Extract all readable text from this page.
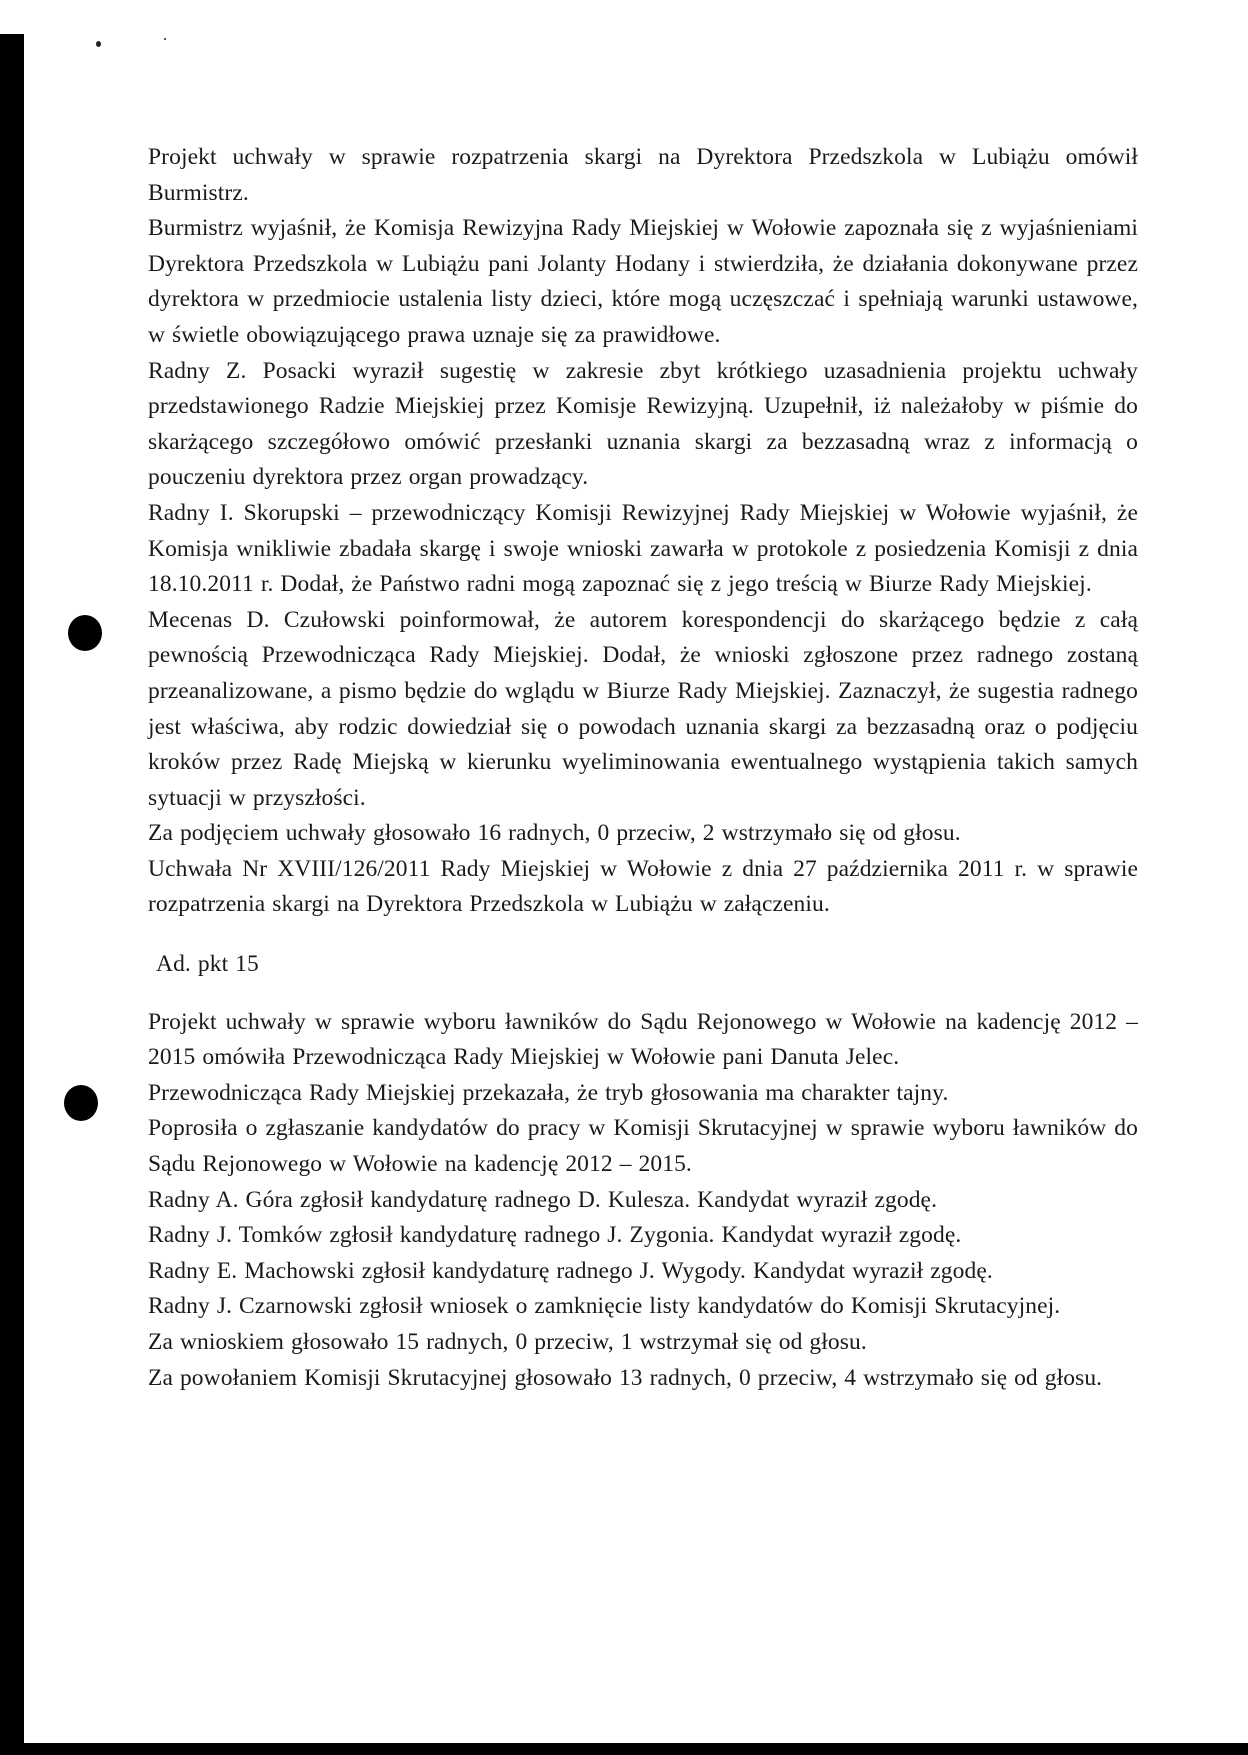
Projekt uchwały w sprawie rozpatrzenia skargi na Dyrektora Przedszkola w Lubiążu omówił Burmistrz.

Burmistrz wyjaśnił, że Komisja Rewizyjna Rady Miejskiej w Wołowie zapoznała się z wyjaśnieniami Dyrektora Przedszkola w Lubiążu pani Jolanty Hodany i stwierdziła, że działania dokonywane przez dyrektora w przedmiocie ustalenia listy dzieci, które mogą uczęszczać i spełniają warunki ustawowe, w świetle obowiązującego prawa uznaje się za prawidłowe.

Radny Z. Posacki wyraził sugestię w zakresie zbyt krótkiego uzasadnienia projektu uchwały przedstawionego Radzie Miejskiej przez Komisje Rewizyjną. Uzupełnił, iż należałoby w piśmie do skarżącego szczegółowo omówić przesłanki uznania skargi za bezzasadną wraz z informacją o pouczeniu dyrektora przez organ prowadzący.

Radny I. Skorupski – przewodniczący Komisji Rewizyjnej Rady Miejskiej w Wołowie wyjaśnił, że Komisja wnikliwie zbadała skargę i swoje wnioski zawarła w protokole z posiedzenia Komisji z dnia 18.10.2011 r. Dodał, że Państwo radni mogą zapoznać się z jego treścią w Biurze Rady Miejskiej.

Mecenas D. Czułowski poinformował, że autorem korespondencji do skarżącego będzie z całą pewnością Przewodnicząca Rady Miejskiej. Dodał, że wnioski zgłoszone przez radnego zostaną przeanalizowane, a pismo będzie do wglądu w Biurze Rady Miejskiej. Zaznaczył, że sugestia radnego jest właściwa, aby rodzic dowiedział się o powodach uznania skargi za bezzasadną oraz o podjęciu kroków przez Radę Miejską w kierunku wyeliminowania ewentualnego wystąpienia takich samych sytuacji w przyszłości.

Za podjęciem uchwały głosowało 16 radnych, 0 przeciw, 2 wstrzymało się od głosu.

Uchwała Nr XVIII/126/2011 Rady Miejskiej w Wołowie z dnia 27 października 2011 r. w sprawie rozpatrzenia skargi na Dyrektora Przedszkola w Lubiążu w załączeniu.

Ad. pkt 15

Projekt uchwały w sprawie wyboru ławników do Sądu Rejonowego w Wołowie na kadencję 2012 – 2015 omówiła Przewodnicząca Rady Miejskiej w Wołowie pani Danuta Jelec.

Przewodnicząca Rady Miejskiej przekazała, że tryb głosowania ma charakter tajny.

Poprosiła o zgłaszanie kandydatów do pracy w Komisji Skrutacyjnej w sprawie wyboru ławników do Sądu Rejonowego w Wołowie na kadencję 2012 – 2015.

Radny A. Góra zgłosił kandydaturę radnego D. Kulesza. Kandydat wyraził zgodę.

Radny J. Tomków zgłosił kandydaturę radnego J. Zygonia. Kandydat wyraził zgodę.

Radny E. Machowski zgłosił kandydaturę radnego J. Wygody. Kandydat wyraził zgodę.

Radny J. Czarnowski zgłosił wniosek o zamknięcie listy kandydatów do Komisji Skrutacyjnej.

Za wnioskiem głosowało 15 radnych, 0 przeciw, 1 wstrzymał się od głosu.

Za powołaniem Komisji Skrutacyjnej głosowało 13 radnych, 0 przeciw, 4 wstrzymało się od głosu.
